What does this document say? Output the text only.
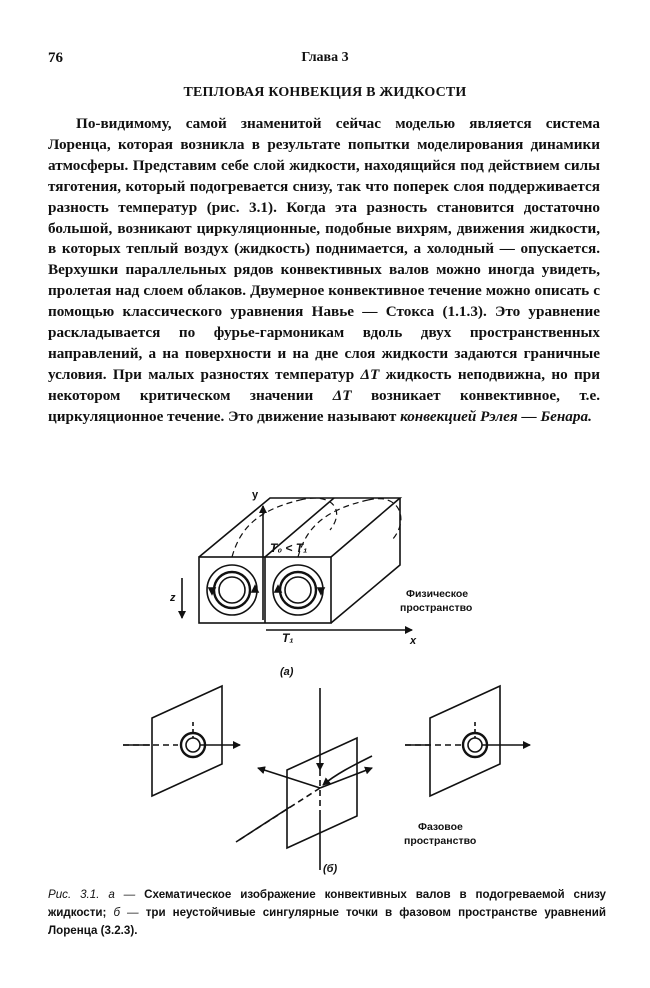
76	Глава 3
ТЕПЛОВАЯ КОНВЕКЦИЯ В ЖИДКОСТИ

По-видимому, самой знаменитой сейчас моделью является система Лоренца, которая возникла в результате попытки моделирования динамики атмосферы. Представим себе слой жидкости, находящийся под действием силы тяготения, который подогревается снизу, так что поперек слоя поддерживается разность температур (рис. 3.1). Когда эта разность становится достаточно большой, возникают циркуляционные, подобные вихрям, движения жидкости, в которых теплый воздух (жидкость) поднимается, а холодный — опускается. Верхушки параллельных рядов конвективных валов можно иногда увидеть, пролетая над слоем облаков. Двумерное конвективное течение можно описать с помощью классического уравнения Навье — Стокса (1.1.3). Это уравнение раскладывается по фурье-гармоникам вдоль двух пространственных направлений, а на поверхности и на дне слоя жидкости задаются граничные условия. При малых разностях температур ΔT жидкость неподвижна, но при некотором критическом значении ΔT возникает конвективное, т.е. циркуляционное течение. Это движение называют конвекцией Рэлея — Бенара.

y
x
z
T₀ < T₁
T₁
Физическое
пространство
(а)
Фазовое
пространство
(б)
Рис. 3.1. а — Схематическое изображение конвективных валов в подогреваемой снизу жидкости; б — три неустойчивые сингулярные точки в фазовом пространстве уравнений Лоренца (3.2.3).
